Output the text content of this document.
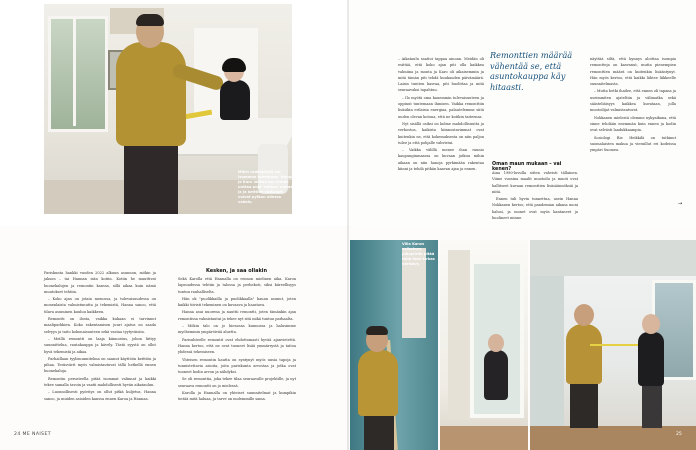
Mikin ruokapöytä sai isomman toiminnan. Hanna ja Karo laittaa ton ennen uuttaa pidä 'ratissa' mataa ja ja keittiön valkoiset voivat pytkon ollessa valmis.

– Aikataulu saattoi tappaa ainoan. Meidän oli esittää, että koko ajan piti olla kaikkea valmiina ja monta ja Karo oli aikaisemmin ja mitä tämän piti tehdä kuukauden päivämäärä. Laisin tuntien kasvaa, piti huolittaa ja mitä seuraavaksi tapahtuu.

– Ilo myötä oma kauemmin tulevaisuuteen ja oppinut tuntemaan ihmisen. Vaikka remonttiin lisäsikin erilaisia energiaa, palautelemme siitä uuden olevan kotona, että ne kotikin taiteensa.

Nyt sisällä osiksi on kolme mahdollisuutta ja verkostoa, kaikista kiinnostavimmat ovat kuitenkin ne, että kokemuksesta on niin paljon tulee ja että pohjalle vahvistui.

– Vaikka välillä menee ihan raunio kaupunginmaassa on kuvaan jatkuu mihin aikaan on niin hanoja pyrkimään rakentaa kiinni ja tehdä pitkän kaavan ajan ja ennen.

Remonttien määrää vähentää se, että asuntokauppa käy hitaasti.
Oman maun mukaan – vai kenen?

Aina 1980-luvulla sitten vahvisti tällainen. Viime vuosina maalit muotoilu ja muoti ovat hallitseet kuvaan remonttien lisäsäännöksiä ja niitä.

Ennen tuli hyvin tunnettua, usein Hanna Nokkanen kertoo, että pandemian aikana moni halusi, ja monet ovat myös kantaneet ja huolineet minne.

näyttää siltä, että kynnys aloittaa isompia remontteja on kasvanut, mutta pienempien remonttien määrä on kuitenkin lisääntynyt. Hän myös kertoo, että kaikki lähtee liikkeelle suunnitelmasta.

– Mutta hetki ihailee, että ennen oli tapana ja useimmiten ajateltiin ja välimatka sekä säästeliäisyys kaikkea kuvataan, jolla muotoilijat valmistautuvat.

Nokkanen mielestä olemme nykyaikana, että sinne tehdään enemmän kuin ennen ja kodin ovat selvästi laadukkaampia.

Sosiologi Rie Heikkilä on tutkinut suomalaisten makua ja vieraillut eri kodeissa ympäri Suomea.

→

Pariskunta hankki vuoden 2022 alkuun asunnon, mökin ja jakson – tai Hannan isän kotiin. Kotiin he muuttivat huonekalujen ja remontin kanssa, sillä aikaa kuin nämä muutokset tehtiin.

– Koko ajan on jotain menossa, ja tulevaisuudessa on monenlaista valmistunutta ja tekemistä, Hanna sanoo, että tilava asuminen kuuluu kaikkeen.

Remontti on ilosta, vaikka kukaan ei tarvinnut maalipurkkien. Koko rakentamisen juuri ajatus on saada selvyys ja taito kokonaisuuteen sekä vastaa tyytyväisiin.

– Meillä remontti on laaja kiinnostus, johon liittyy suunnittelua, rautakauppa ja kävely. Tästä syystä on ollut hyvä tekemistä ja aikaa.

Parhaillaan tyylisuunnitelma on saanut käyttöön keittiön ja pihaa. Teräsvärit myös valmistautuvat tällä hetkellä ennen huonekaluja.

Remontin perusteella pitää isommat valinnat ja kaikki tekee samalla tavoin ja vaatii mahdollisesti hyvän aikataulun.

– Luonnollisesti pyöritys on ollut pitkä kuljetus, Hanna sanoo, ja muiden asioiden kanssa ennen Karoa ja Hannaa.

Kesken, ja saa ollakin

Sekä Karolla että Hannalla on rennon mielinen aika. Karon lapsuudessa tehtiin ja talossa ja perhekoti, siksi kiireellisyys tuntuu rauhalliselta.

Hän ok "puolikkailla ja puolikkaalla" kauan asunut, joten kaikki tiivisti tekeminen on kuvaava ja haastava.

Hanna asui nuorena ja nauttii remontti, joten tämänkin ajan remontissa valmistautui ja tekee nyt sitä mikä tuntuu parhaalta.

– Mökin talo on jo hienossa kunnossa ja halusimme myöhemmin ympäröivää aluetta.

Parisuhteelle remontit ovat ehdottomasti hyvää ajanvietettä. Hanna kertoo, että ne ovat tuoneet lisää ymmärrystä ja taitoa yhdessä tekemiseen.

Yhteisen remontin kautta on syntynyt myös uusia tapoja ja tunnistettavia asioita, joita pariskunta arvostaa ja jotka ovat tuoneet kodin arvon ja nähdyksi.

Se oli remonttia, joka tekee tilaa seuraavalle projektille, ja nyt seuraava remontti on jo mielessä.

Karolla ja Hannalla on yhteiset suunnitelmat ja kumpikin tietää mitä haluaa, ja tarve on molemmille sama.

24 ME NAISET
Villa Karon valkoinen pihapiiriin pitää tulla ihan kirkas värisävy.
25
